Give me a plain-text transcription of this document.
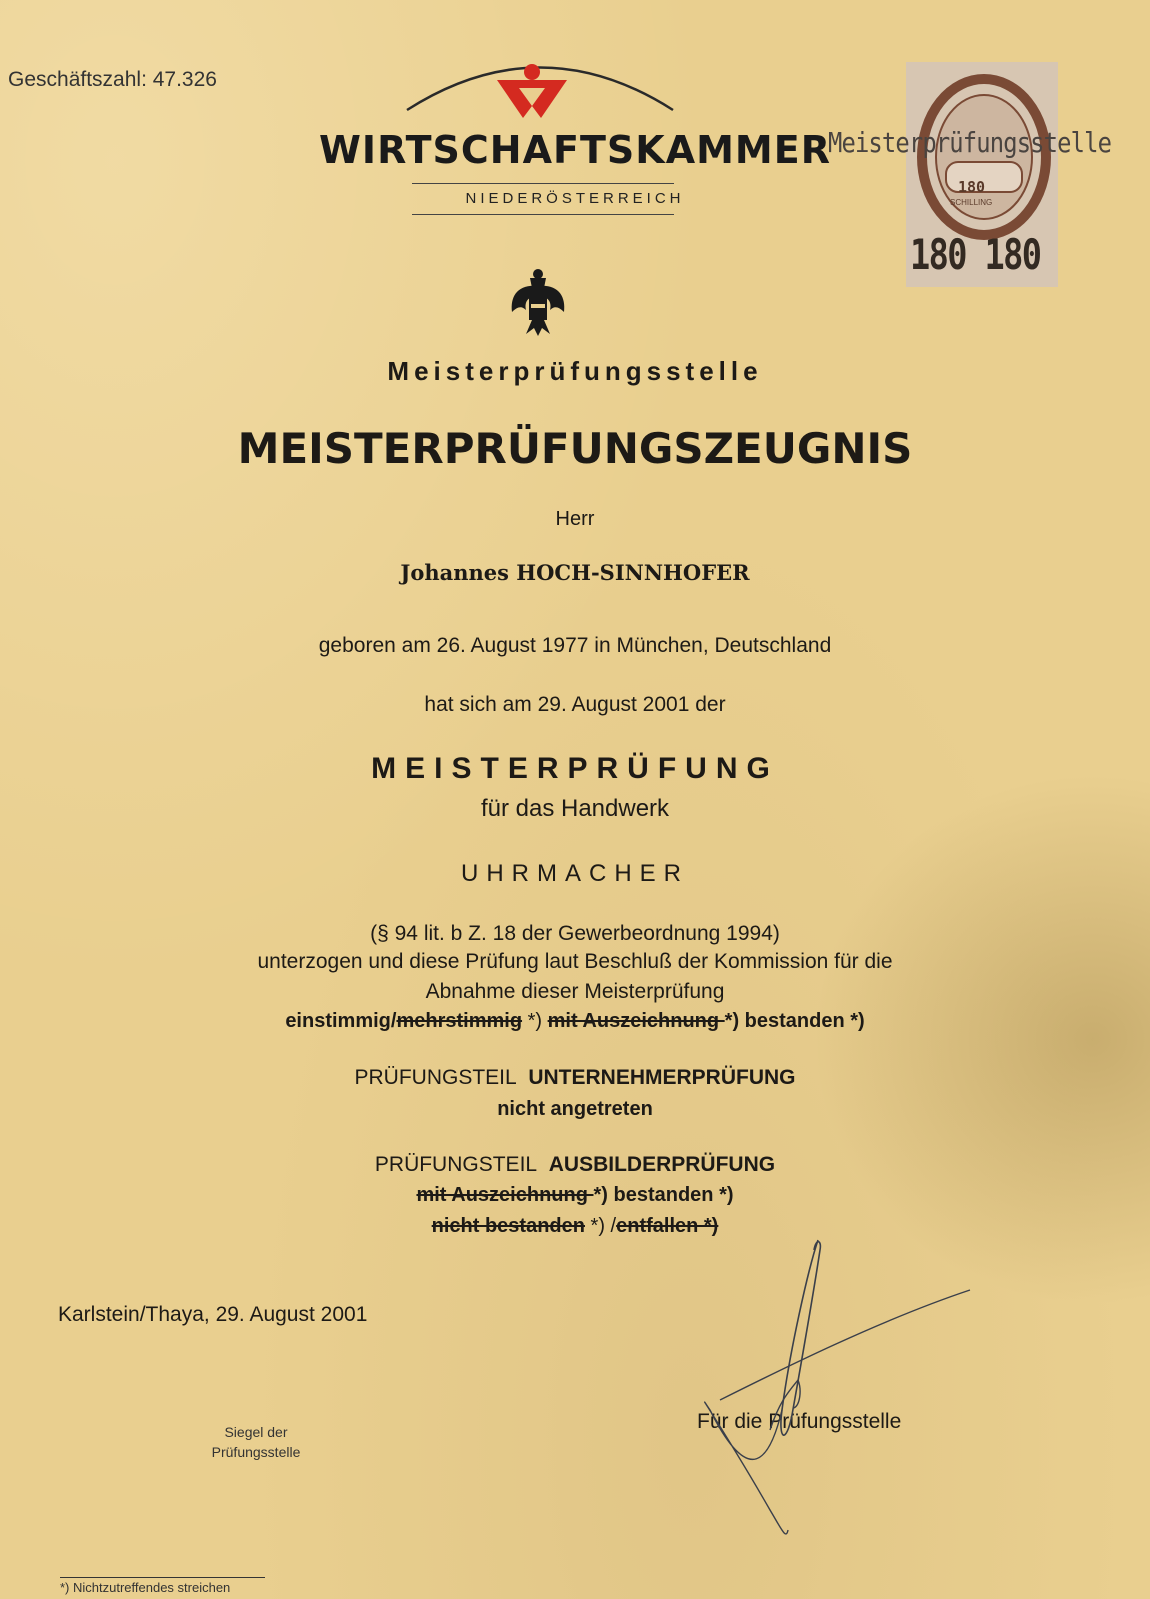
Geschäftszahl: 47.326
WIRTSCHAFTSKAMMER
NIEDERÖSTERREICH
180
SCHILLING
Meisterprüfungsstelle
180 180
Meisterprüfungsstelle
MEISTERPRÜFUNGSZEUGNIS
Herr
Johannes HOCH-SINNHOFER
geboren am 26. August 1977 in München, Deutschland
hat sich am 29. August 2001 der
MEISTERPRÜFUNG
für das Handwerk
UHRMACHER
(§ 94 lit. b Z. 18 der Gewerbeordnung 1994)
unterzogen und diese Prüfung laut Beschluß der Kommission für die
Abnahme dieser Meisterprüfung
einstimmig/mehrstimmig *) mit Auszeichnung *) bestanden *)
PRÜFUNGSTEIL UNTERNEHMERPRÜFUNG
nicht angetreten
PRÜFUNGSTEIL AUSBILDERPRÜFUNG
mit Auszeichnung *) bestanden *)
nicht bestanden *) /entfallen *)
Karlstein/Thaya, 29. August 2001
Siegel der
Prüfungsstelle
Für die Prüfungsstelle
*) Nichtzutreffendes streichen
